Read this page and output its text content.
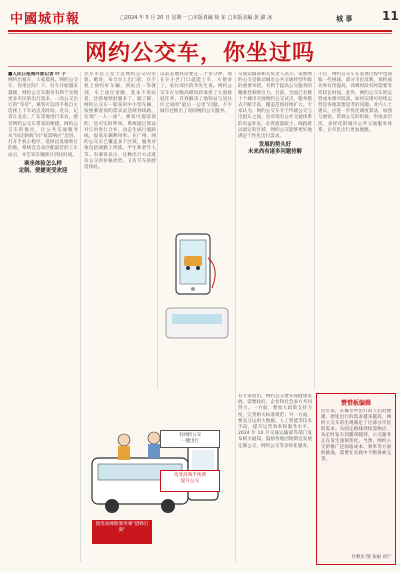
中國城市報	□2024 年 5 月 20 日 星期一 □本版責編 徐 崔 □本版美編 黃 錦 冰	城 事 11
网约公交车，你坐过吗
■人民日报海外版记者 叶 子
网约出租车，大家都熟。网约公交车，你坐过吗？下，打车开始越来越便，网约公交车服务有利于实现更多市民的出行需求，一改公交出行的“等待”。乘客可以用手机自主选择上下车站点及时间。近日，记者在北京、广东等地进行采访，感受网约公交车带来的便捷。网约公交车的推出，让公共交通服务从“固定路线”向“按需响应”迈进。打开手机小程序，选择出发地和目的地，系统会自动匹配最近的上车站点，并告知车辆预计到达时间。
乘坐体验怎么样
定制、便捷更受欢迎
北京市民王女士是网约公交的常客。她说，每天早上出门前，在手机上预约好车辆，到站点一等就到，车上座位宽敞，基本不用站着，比挤地铁舒服多了。据了解，网约公交车一般采用中小型车辆，按照乘客预约需求灵活规划线路，实现“一人一座”。乘客可提前预约，也可实时呼叫，系统通过算法对订单进行合并，动态生成行驶路线，提高车辆利用率。在广州，网约公交车已覆盖多个区域，服务对象包括通勤上班族、学生和老年人等。有乘客表示，这种出行方式既有公交的价格优势，又有专车的舒适体验。
以前去地铁站要走二十多分钟，现在在小区门口就能上车，方便多了。家住郊区的李先生说。网约公交车在早晚高峰时段承担了大量接驳任务，有效解决了地铁站与居住区之间的“最后一公里”问题。不少城市还推出了夜间网约公交服务。
交通运输部相关负责人表示，发展网约公交是推动城市公共交通转型升级的重要举措，有利于提高公交服务的精准性和吸引力。目前，全国已有数十个城市开展网约公交试点，服务模式不断丰富，覆盖范围持续扩大。专家认为，网约公交车介于传统公交与出租车之间，是对现有公共交通体系的有益补充。在客流量较小、线路难以固定的区域，网约公交能够更好地满足个性化出行需求。
发展的势头好
未来尚有诸多问题待解
不过，网约公交车在发展过程中也面临一些挑战。部分市民反映，预约成功率有待提高，高峰时段有时需要等待较长时间。此外，网约公交车的运营成本相对较高，如何实现可持续运营是各地需要思考的问题。业内人士建议，应进一步优化调度算法，加强与地铁、常规公交的衔接，形成多层次、多样化的城市公共交通服务体系，让市民出行更加便捷。
使用高峰期要用乘“错峰打满”
改变高频手续费
提升公交
有网约公交
一键出行
有专家指出，网约公交要实现健康发展，需要政府、企业和社会多方共同努力。一方面，要加大政策支持力度，完善相关标准规范；另一方面，要充分运用大数据、人工智能等技术手段，提升运营效率和服务水平。2024 年 10 月交通运输部等部门发布相关通知，鼓励各地因地制宜发展定制公交、网约公交等多样化服务。
赞惜板编辑
近年来，在城市中出行的人们对便捷、舒适出行的需求越来越高，网约公交车的出现满足了这部分市民的需求。从固定路线到按需响应，从定时发车到随叫随到，公交服务正在发生深刻变化。当然，网约公交的推广还面临成本、效率等方面的挑战，需要在实践中不断探索完善。
付秋实 图 朱丽 刘宁
